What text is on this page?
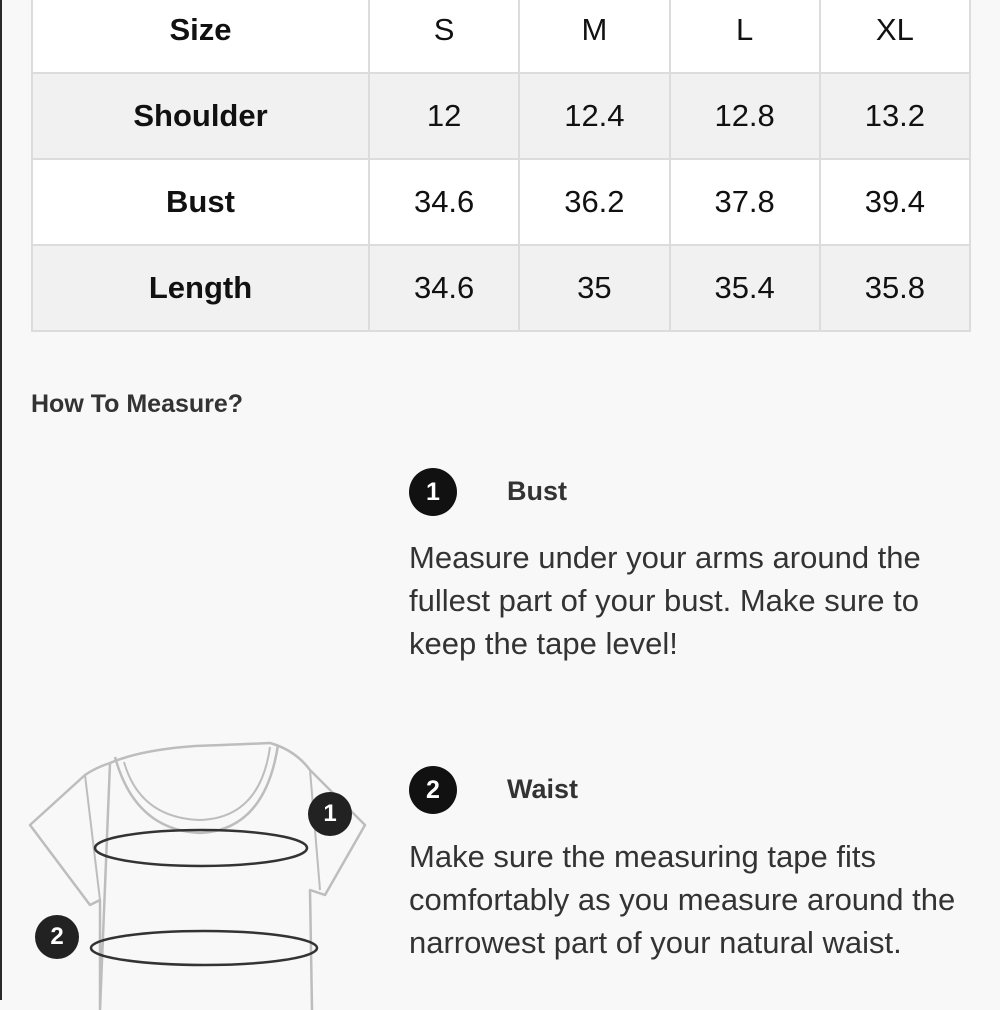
Size	S	M	L	XL
Shoulder	12	12.4	12.8	13.2
Bust	34.6	36.2	37.8	39.4
Length	34.6	35	35.4	35.8
How To Measure?
1	Bust

Measure under your arms around the fullest part of your bust. Make sure to keep the tape level!

2	Waist

Make sure the measuring tape fits comfortably as you measure around the narrowest part of your natural waist.

1
2
